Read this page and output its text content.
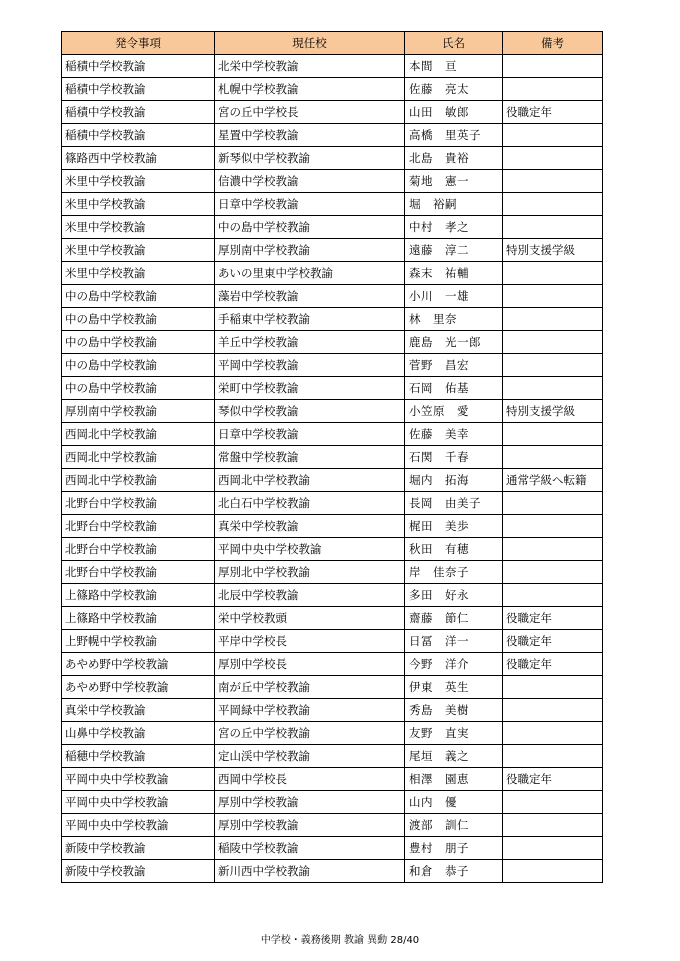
発令事項	現任校	氏名	備考
稲積中学校教諭	北栄中学校教諭	本間　亘	
稲積中学校教諭	札幌中学校教諭	佐藤　亮太	
稲積中学校教諭	宮の丘中学校長	山田　敏郎	役職定年
稲積中学校教諭	星置中学校教諭	高橋　里英子	
篠路西中学校教諭	新琴似中学校教諭	北島　貴裕	
米里中学校教諭	信濃中学校教諭	菊地　憲一	
米里中学校教諭	日章中学校教諭	堀　裕嗣	
米里中学校教諭	中の島中学校教諭	中村　孝之	
米里中学校教諭	厚別南中学校教諭	遠藤　淳二	特別支援学級
米里中学校教諭	あいの里東中学校教諭	森末　祐輔	
中の島中学校教諭	藻岩中学校教諭	小川　一雄	
中の島中学校教諭	手稲東中学校教諭	林　里奈	
中の島中学校教諭	羊丘中学校教諭	鹿島　光一郎	
中の島中学校教諭	平岡中学校教諭	菅野　昌宏	
中の島中学校教諭	栄町中学校教諭	石岡　佑基	
厚別南中学校教諭	琴似中学校教諭	小笠原　愛	特別支援学級
西岡北中学校教諭	日章中学校教諭	佐藤　美幸	
西岡北中学校教諭	常盤中学校教諭	石関　千春	
西岡北中学校教諭	西岡北中学校教諭	堀内　拓海	通常学級へ転籍
北野台中学校教諭	北白石中学校教諭	長岡　由美子	
北野台中学校教諭	真栄中学校教諭	梶田　美歩	
北野台中学校教諭	平岡中央中学校教諭	秋田　有穂	
北野台中学校教諭	厚別北中学校教諭	岸　佳奈子	
上篠路中学校教諭	北辰中学校教諭	多田　好永	
上篠路中学校教諭	栄中学校教頭	齋藤　節仁	役職定年
上野幌中学校教諭	平岸中学校長	日冨　洋一	役職定年
あやめ野中学校教諭	厚別中学校長	今野　洋介	役職定年
あやめ野中学校教諭	南が丘中学校教諭	伊東　英生	
真栄中学校教諭	平岡緑中学校教諭	秀島　美樹	
山鼻中学校教諭	宮の丘中学校教諭	友野　直実	
稲穂中学校教諭	定山渓中学校教諭	尾垣　義之	
平岡中央中学校教諭	西岡中学校長	相澤　園恵	役職定年
平岡中央中学校教諭	厚別中学校教諭	山内　優	
平岡中央中学校教諭	厚別中学校教諭	渡部　訓仁	
新陵中学校教諭	稲陵中学校教諭	豊村　朋子	
新陵中学校教諭	新川西中学校教諭	和倉　恭子	
中学校・義務後期 教諭 異動 28/40
